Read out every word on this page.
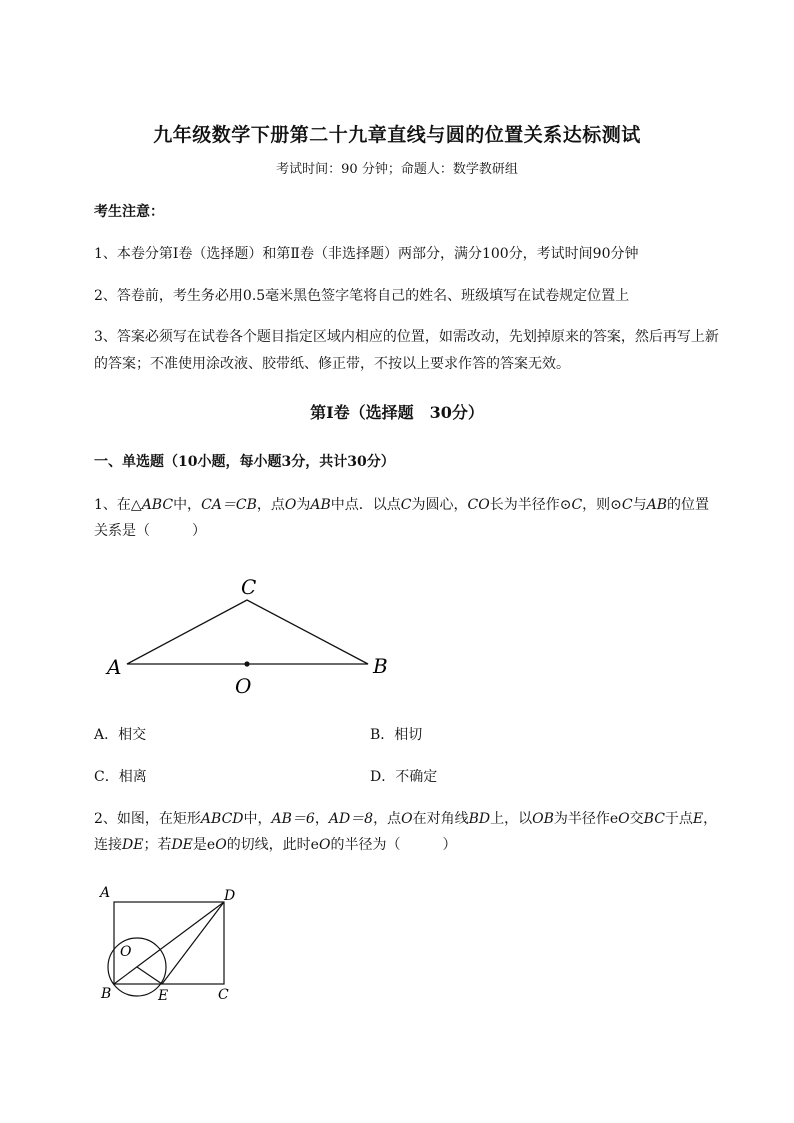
九年级数学下册第二十九章直线与圆的位置关系达标测试
考试时间：90 分钟；命题人：数学教研组
考生注意：
1、本卷分第I卷（选择题）和第Ⅱ卷（非选择题）两部分，满分100分，考试时间90分钟
2、答卷前，考生务必用0.5毫米黑色签字笔将自己的姓名、班级填写在试卷规定位置上
3、答案必须写在试卷各个题目指定区域内相应的位置，如需改动，先划掉原来的答案，然后再写上新
的答案；不准使用涂改液、胶带纸、修正带，不按以上要求作答的答案无效。
第I卷（选择题　30分）
一、单选题（10小题，每小题3分，共计30分）
1、在△ABC中，CA＝CB，点O为AB中点．以点C为圆心，CO长为半径作⊙C，则⊙C与AB的位置
关系是（　　　）
A	B
C
O
A．相交	B．相切
C．相离	D．不确定
2、如图，在矩形ABCD中，AB＝6，AD＝8，点O在对角线BD上，以OB为半径作eO交BC于点E，
连接DE；若DE是eO的切线，此时eO的半径为（　　　）
A	D
B	E	C
O
